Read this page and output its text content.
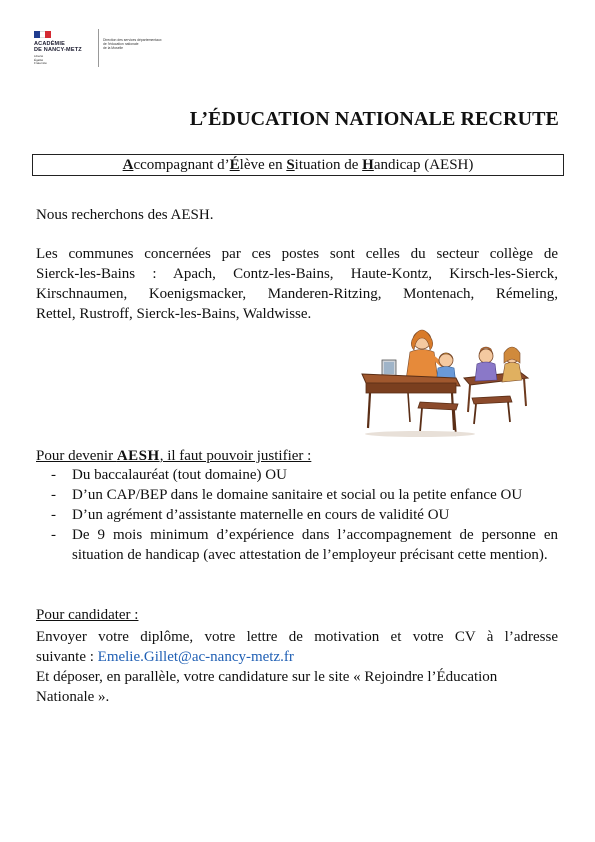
ACADÉMIE
DE NANCY-METZ
Liberté
Égalité
Fraternité
Direction des services départementaux
de l'éducation nationale
de la Moselle
L’ÉDUCATION NATIONALE RECRUTE
Accompagnant d’Élève en Situation de Handicap (AESH)

Nous recherchons des AESH.

Les communes concernées par ces postes sont celles du secteur collège de

Sierck-les-Bains : Apach, Contz-les-Bains, Haute-Kontz, Kirsch-les-Sierck,

Kirschnaumen, Koenigsmacker, Manderen-Ritzing, Montenach, Rémeling,

Rettel, Rustroff, Sierck-les-Bains, Waldwisse.

Pour devenir AESH, il faut pouvoir justifier :

- Du baccalauréat (tout domaine) OU
- D’un CAP/BEP dans le domaine sanitaire et social ou la petite enfance OU
- D’un agrément d’assistante maternelle en cours de validité OU
- De 9 mois minimum d’expérience dans l’accompagnement de personne en situation de handicap (avec attestation de l’employeur précisant cette mention).

Pour candidater :

Envoyer votre diplôme, votre lettre de motivation et votre CV à l’adresse

suivante : Emelie.Gillet@ac-nancy-metz.fr

Et déposer, en parallèle, votre candidature sur le site « Rejoindre l’Éducation

Nationale ».
